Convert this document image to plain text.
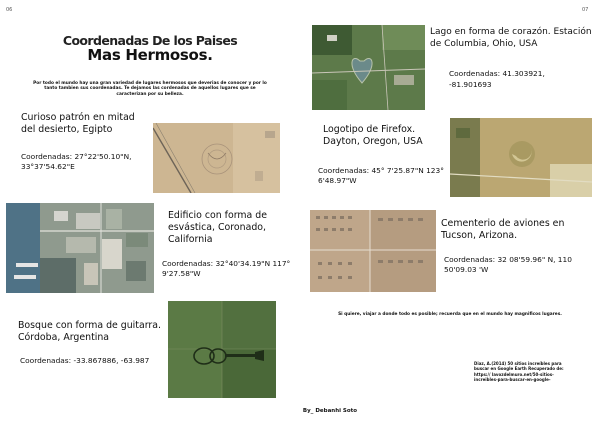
06	07
Coordenadas De los Paises
Mas Hermosos.
Por todo el mundo hay una gran variedad de lugares hermosos que deverias de conocer y por lo tanto tambien sus coordenadas. Te dejamos las cordenadas de aquellos lugares que se caracterizan por su belleza.
Curioso patrón en mitad del desierto, Egipto
Coordenadas: 27°22'50.10"N, 33°37'54.62"E
Edificio con forma de esvástica, Coronado, California
Coordenadas: 32°40'34.19"N 117° 9'27.58"W
Bosque con forma de guitarra. Córdoba, Argentina
Coordenadas: -33.867886, -63.987
Lago en forma de corazón. Estación de Columbia, Ohio, USA
Coordenadas: 41.303921, -81.901693
Logotipo de Firefox. Dayton, Oregon, USA
Coordenadas: 45° 7'25.87"N 123° 6'48.97"W
Cementerio de aviones en Tucson, Arizona.
Coordenadas: 32 08'59.96" N, 110 50'09.03 'W
Si quiere, viajar a donde todo es posible; recuerda que en el mundo hay magnificos lugares.
Diaz, A.(2014) 50 sitios increíbles para buscar en Google Earth Recuperado de: https:// lavozdelmuro.net/50-sitios-increibles-para-buscar-en-google-
By_ Debanhi Soto
